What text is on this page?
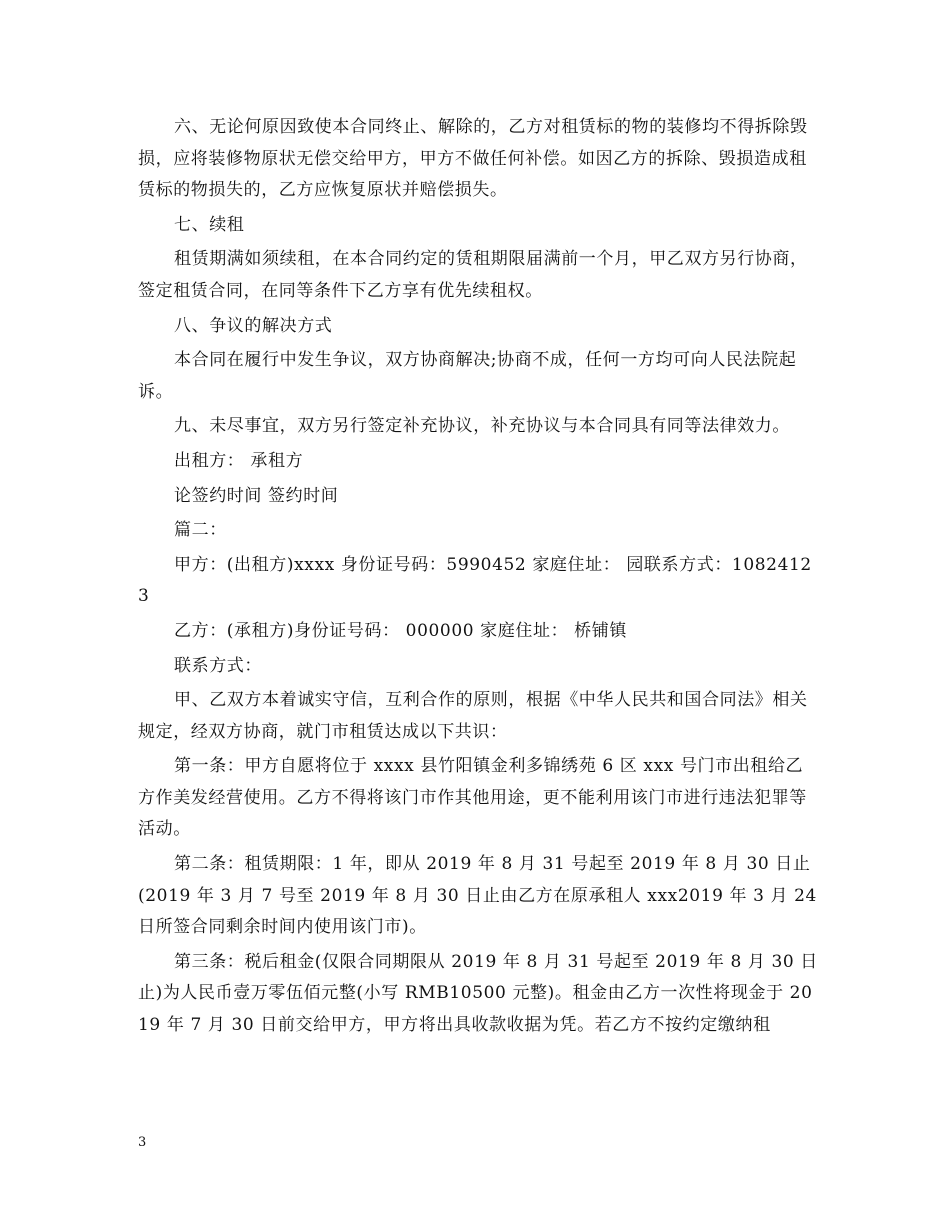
六、无论何原因致使本合同终止、解除的，乙方对租赁标的物的装修均不得拆除毁损，应将装修物原状无偿交给甲方，甲方不做任何补偿。如因乙方的拆除、毁损造成租赁标的物损失的，乙方应恢复原状并赔偿损失。

七、续租

租赁期满如须续租，在本合同约定的赁租期限届满前一个月，甲乙双方另行协商，签定租赁合同，在同等条件下乙方享有优先续租权。

八、争议的解决方式

本合同在履行中发生争议，双方协商解决;协商不成，任何一方均可向人民法院起诉。

九、未尽事宜，双方另行签定补充协议，补充协议与本合同具有同等法律效力。

出租方： 承租方

论签约时间 签约时间

篇二：

甲方：(出租方)xxxx 身份证号码：5990452 家庭住址： 园联系方式：10824123

乙方：(承租方)身份证号码： 000000 家庭住址： 桥铺镇

联系方式：

甲、乙双方本着诚实守信，互利合作的原则，根据《中华人民共和国合同法》相关规定，经双方协商，就门市租赁达成以下共识：

第一条：甲方自愿将位于 xxxx 县竹阳镇金利多锦绣苑 6 区 xxx 号门市出租给乙方作美发经营使用。乙方不得将该门市作其他用途，更不能利用该门市进行违法犯罪等活动。

第二条：租赁期限：1 年，即从 2019 年 8 月 31 号起至 2019 年 8 月 30 日止(2019 年 3 月 7 号至 2019 年 8 月 30 日止由乙方在原承租人 xxx2019 年 3 月 24 日所签合同剩余时间内使用该门市)。

第三条：税后租金(仅限合同期限从 2019 年 8 月 31 号起至 2019 年 8 月 30 日止)为人民币壹万零伍佰元整(小写 RMB10500 元整)。租金由乙方一次性将现金于 2019 年 7 月 30 日前交给甲方，甲方将出具收款收据为凭。若乙方不按约定缴纳租

3
